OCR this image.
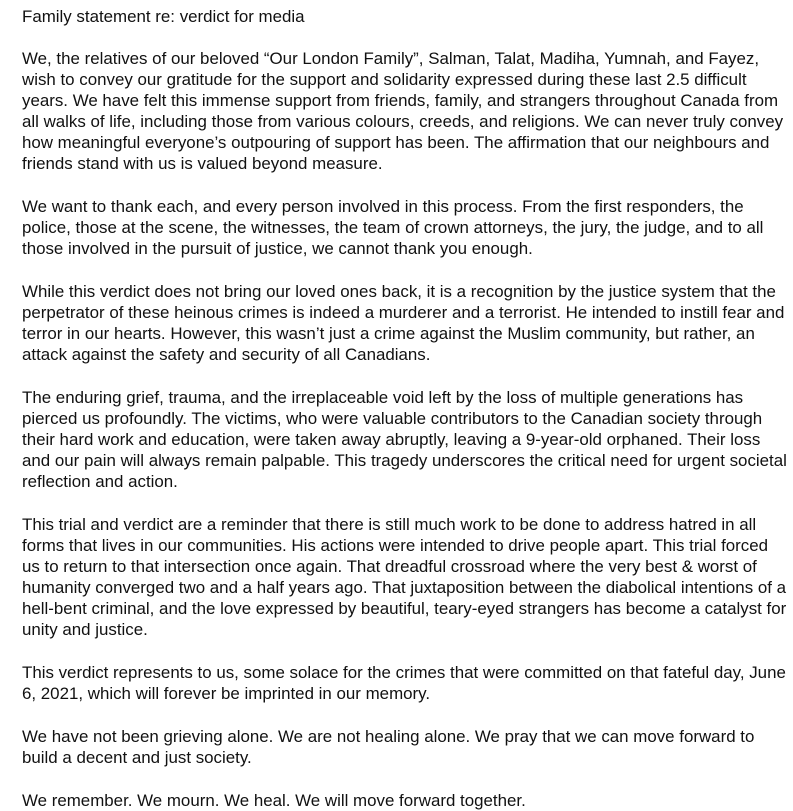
Family statement re: verdict for media

We, the relatives of our beloved “Our London Family”, Salman, Talat, Madiha, Yumnah, and Fayez, wish to convey our gratitude for the support and solidarity expressed during these last 2.5 difficult years. We have felt this immense support from friends, family, and strangers throughout Canada from all walks of life, including those from various colours, creeds, and religions. We can never truly convey how meaningful everyone’s outpouring of support has been. The affirmation that our neighbours and friends stand with us is valued beyond measure.

We want to thank each, and every person involved in this process. From the first responders, the police, those at the scene, the witnesses, the team of crown attorneys, the jury, the judge, and to all those involved in the pursuit of justice, we cannot thank you enough.

While this verdict does not bring our loved ones back, it is a recognition by the justice system that the perpetrator of these heinous crimes is indeed a murderer and a terrorist. He intended to instill fear and terror in our hearts. However, this wasn’t just a crime against the Muslim community, but rather, an attack against the safety and security of all Canadians.

The enduring grief, trauma, and the irreplaceable void left by the loss of multiple generations has pierced us profoundly. The victims, who were valuable contributors to the Canadian society through their hard work and education, were taken away abruptly, leaving a 9-year-old orphaned. Their loss and our pain will always remain palpable. This tragedy underscores the critical need for urgent societal reflection and action.

This trial and verdict are a reminder that there is still much work to be done to address hatred in all forms that lives in our communities. His actions were intended to drive people apart. This trial forced us to return to that intersection once again. That dreadful crossroad where the very best & worst of humanity converged two and a half years ago. That juxtaposition between the diabolical intentions of a hell-bent criminal, and the love expressed by beautiful, teary-eyed strangers has become a catalyst for unity and justice.

This verdict represents to us, some solace for the crimes that were committed on that fateful day, June 6, 2021, which will forever be imprinted in our memory.

We have not been grieving alone. We are not healing alone. We pray that we can move forward to build a decent and just society.

We remember. We mourn. We heal. We will move forward together.
